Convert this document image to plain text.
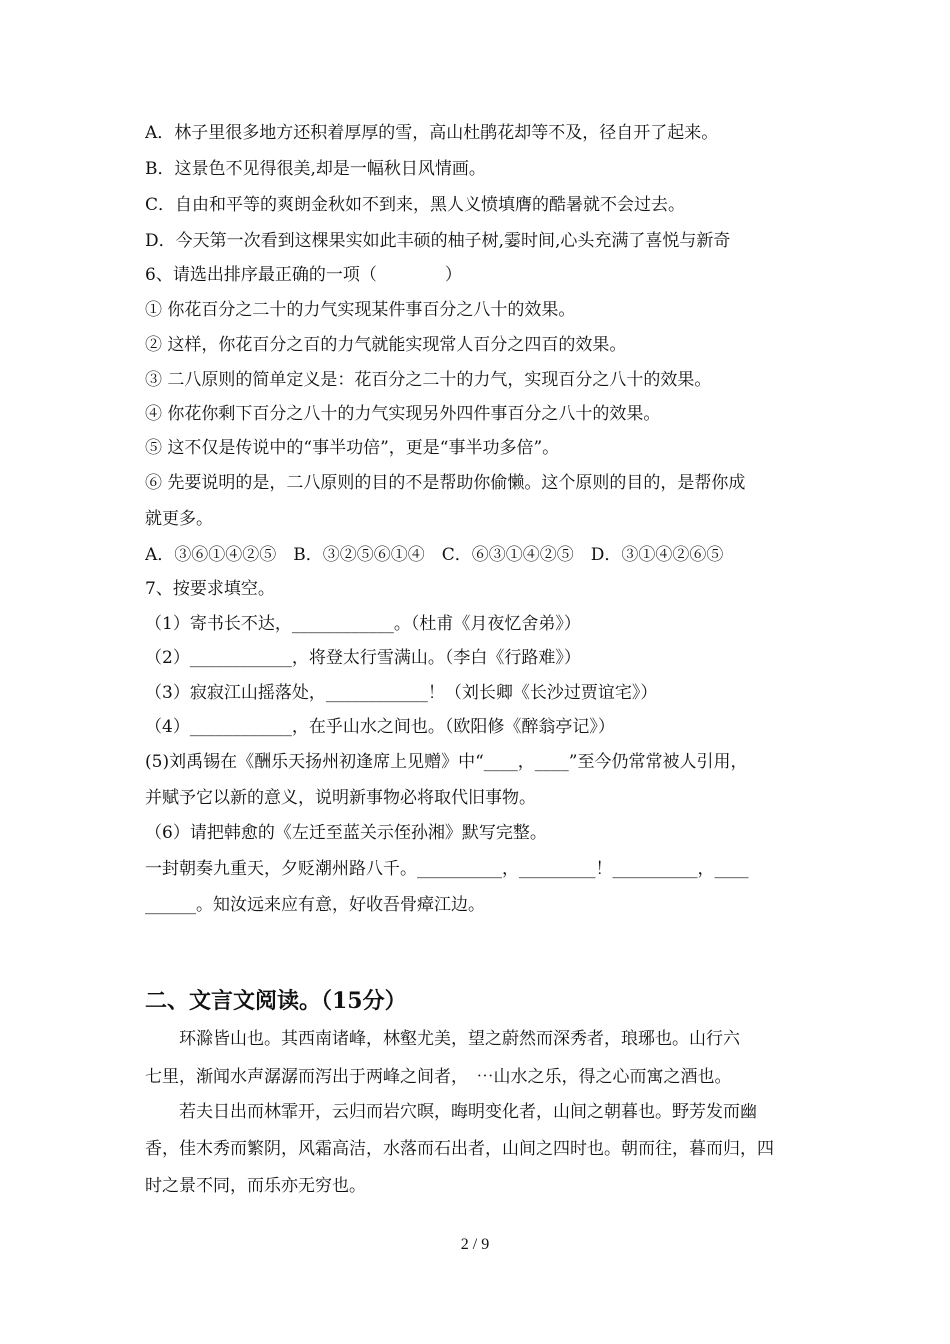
A．林子里很多地方还积着厚厚的雪，高山杜鹃花却等不及，径自开了起来。
B．这景色不见得很美,却是一幅秋日风情画。
C．自由和平等的爽朗金秋如不到来，黑人义愤填膺的酷暑就不会过去。
D．今天第一次看到这棵果实如此丰硕的柚子树,霎时间,心头充满了喜悦与新奇
6、请选出排序最正确的一项（　　　　）
① 你花百分之二十的力气实现某件事百分之八十的效果。
② 这样，你花百分之百的力气就能实现常人百分之四百的效果。
③ 二八原则的简单定义是：花百分之二十的力气，实现百分之八十的效果。
④ 你花你剩下百分之八十的力气实现另外四件事百分之八十的效果。
⑤ 这不仅是传说中的“事半功倍”，更是“事半功多倍”。
⑥ 先要说明的是，二八原则的目的不是帮助你偷懒。这个原则的目的，是帮你成
就更多。
A．③⑥①④②⑤　B．③②⑤⑥①④　C．⑥③①④②⑤　D．③①④②⑥⑤
7、按要求填空。
（1）寄书长不达，____________。（杜甫《月夜忆舍弟》）
（2）____________，将登太行雪满山。（李白《行路难》）
（3）寂寂江山摇落处，____________！（刘长卿《长沙过贾谊宅》）
（4）____________，在乎山水之间也。（欧阳修《醉翁亭记》）
(5)刘禹锡在《酬乐天扬州初逢席上见赠》中“____，____”至今仍常常被人引用，
并赋予它以新的意义，说明新事物必将取代旧事物。
（6）请把韩愈的《左迁至蓝关示侄孙湘》默写完整。
一封朝奏九重天，夕贬潮州路八千。__________，_________！__________，____
______。知汝远来应有意，好收吾骨瘴江边。
二、文言文阅读。（15分）
　　环滁皆山也。其西南诸峰，林壑尤美，望之蔚然而深秀者，琅琊也。山行六
七里，渐闻水声潺潺而泻出于两峰之间者，　⋯山水之乐，得之心而寓之酒也。
　　若夫日出而林霏开，云归而岩穴暝，晦明变化者，山间之朝暮也。野芳发而幽
香，佳木秀而繁阴，风霜高洁，水落而石出者，山间之四时也。朝而往，暮而归，四
时之景不同，而乐亦无穷也。
2 / 9
